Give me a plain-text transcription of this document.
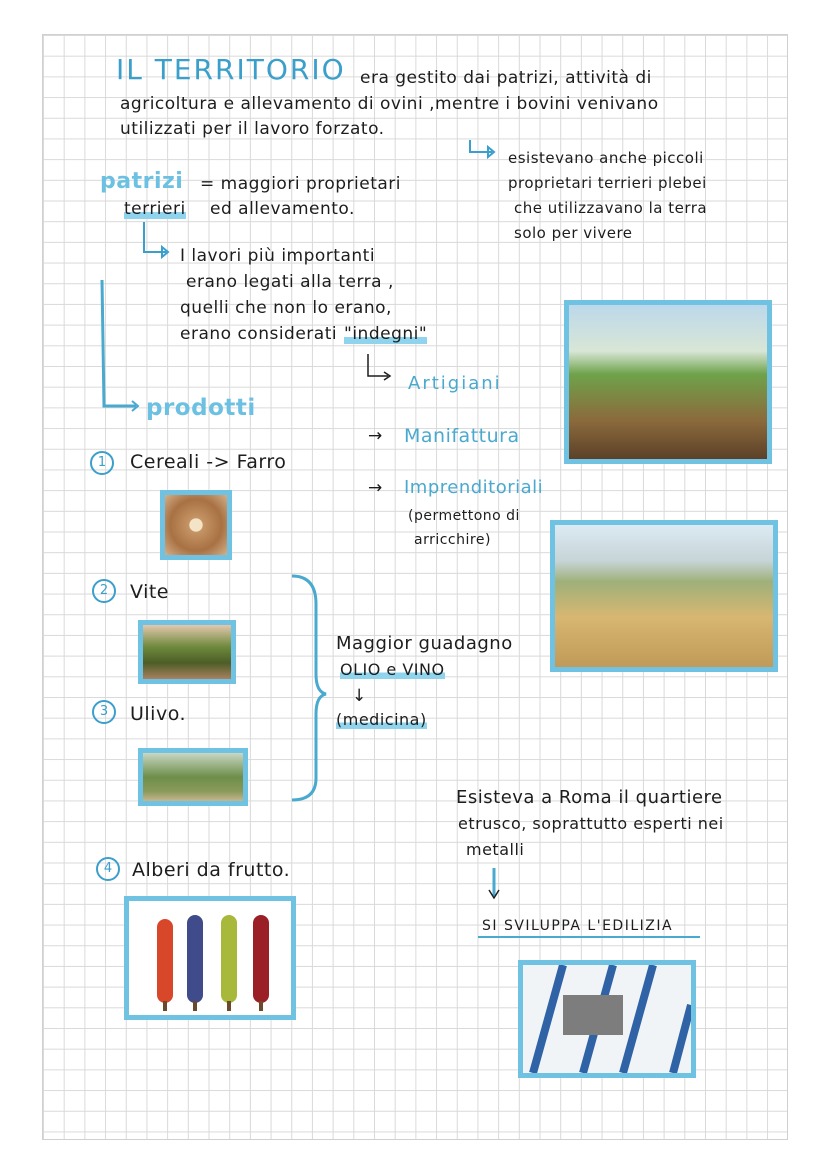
IL TERRITORIO era gestito dai patrizi, attività di
agricoltura e allevamento di ovini ,mentre i bovini venivano
utilizzati per il lavoro forzato.
esistevano anche piccoli
proprietari terrieri plebei
che utilizzavano la terra
solo per vivere
patrizi = maggiori proprietari
terrieri ed allevamento.
I lavori più importanti
erano legati alla terra ,
quelli che non lo erano,
erano considerati "indegni"
Artigiani
→ Manifattura
→ Imprenditoriali
(permettono di
arricchire)
prodotti
1	Cereali -> Farro
2	Vite
3	Ulivo.
Maggior guadagno
OLIO e VINO
↓
(medicina)
4	Alberi da frutto.
Esisteva a Roma il quartiere
etrusco, soprattutto esperti nei
metalli
SI SVILUPPA L'EDILIZIA
